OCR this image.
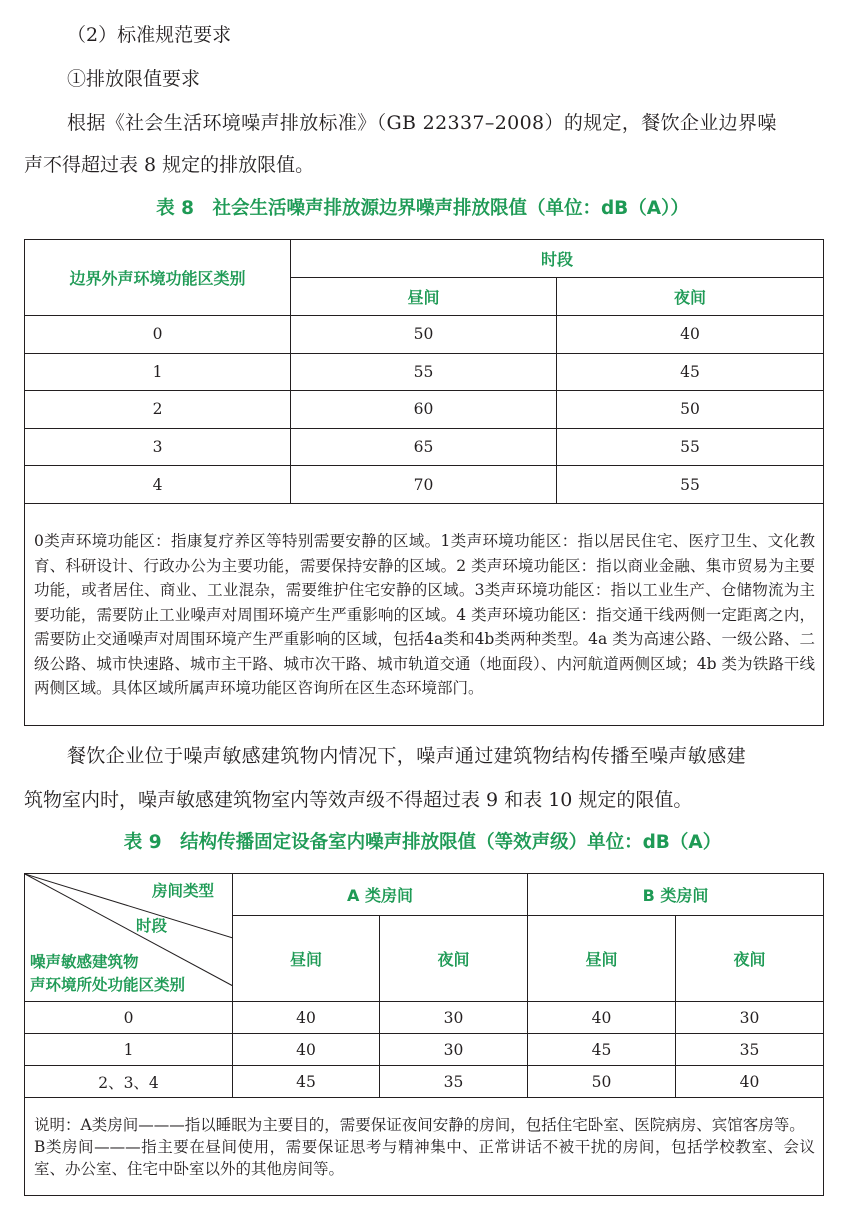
（2）标准规范要求
①排放限值要求
根据《社会生活环境噪声排放标准》（GB 22337–2008）的规定，餐饮企业边界噪
声不得超过表 8 规定的排放限值。
表 8　社会生活噪声排放源边界噪声排放限值（单位：dB（A））
边界外声环境功能区类别	时段	
	昼间	夜间
0	50	40
1	55	45
2	60	50
3	65	55
4	70	55
0类声环境功能区：指康复疗养区等特别需要安静的区域。1类声环境功能区：指以居民住宅、医疗卫生、文化教育、科研设计、行政办公为主要功能，需要保持安静的区域。2 类声环境功能区：指以商业金融、集市贸易为主要功能，或者居住、商业、工业混杂，需要维护住宅安静的区域。3类声环境功能区：指以工业生产、仓储物流为主要功能，需要防止工业噪声对周围环境产生严重影响的区域。4 类声环境功能区：指交通干线两侧一定距离之内，需要防止交通噪声对周围环境产生严重影响的区域，包括4a类和4b类两种类型。4a 类为高速公路、一级公路、二级公路、城市快速路、城市主干路、城市次干路、城市轨道交通（地面段）、内河航道两侧区域；4b 类为铁路干线两侧区域。具体区域所属声环境功能区咨询所在区生态环境部门。		
餐饮企业位于噪声敏感建筑物内情况下，噪声通过建筑物结构传播至噪声敏感建
筑物室内时，噪声敏感建筑物室内等效声级不得超过表 9 和表 10 规定的限值。
表 9　结构传播固定设备室内噪声排放限值（等效声级）单位：dB（A）
房间类型
时段
噪声敏感建筑物
声环境所处功能区类别	A 类房间		B 类房间	
	昼间	夜间	昼间	夜间
0	40	30	40	30
1	40	30	45	35
2、3、4	45	35	50	40

说明：A类房间———指以睡眠为主要目的，需要保证夜间安静的房间，包括住宅卧室、医院病房、宾馆客房等。
B类房间———指主要在昼间使用，需要保证思考与精神集中、正常讲话不被干扰的房间，包括学校教室、会议室、办公室、住宅中卧室以外的其他房间等。				
